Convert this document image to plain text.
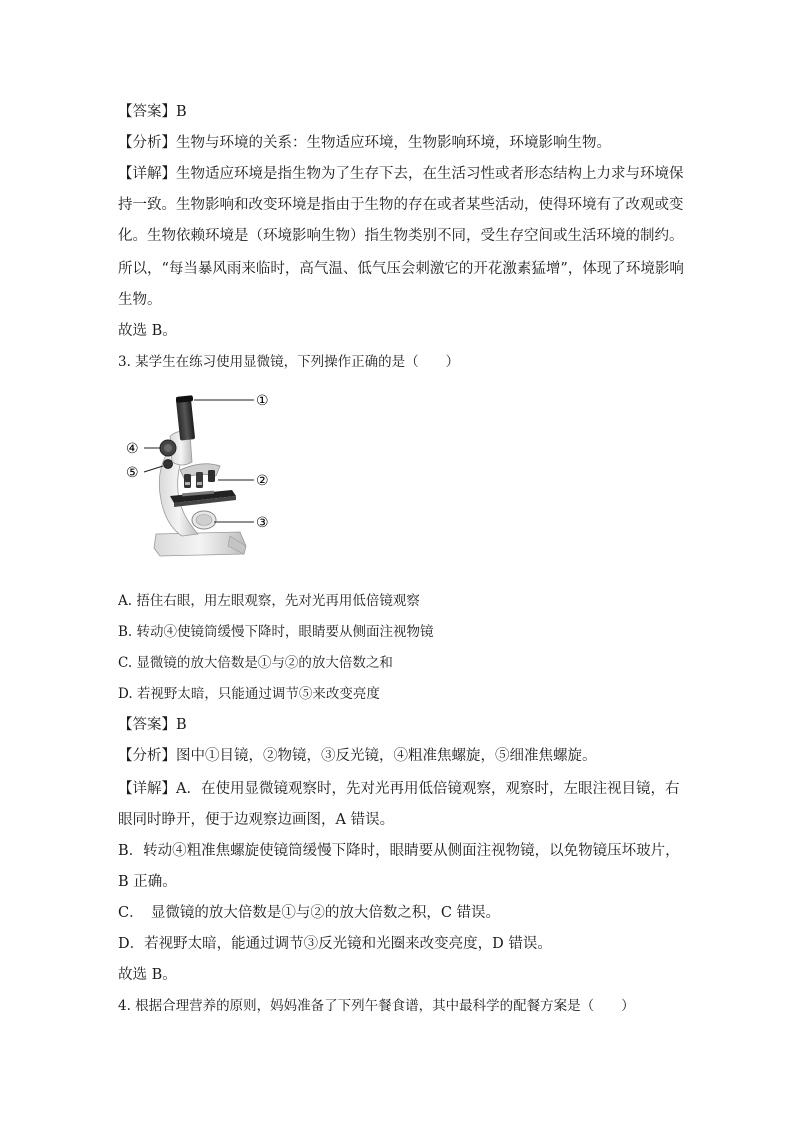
【答案】B

【分析】生物与环境的关系：生物适应环境，生物影响环境，环境影响生物。

【详解】生物适应环境是指生物为了生存下去，在生活习性或者形态结构上力求与环境保

持一致。生物影响和改变环境是指由于生物的存在或者某些活动，使得环境有了改观或变

化。生物依赖环境是（环境影响生物）指生物类别不同，受生存空间或生活环境的制约。

所以，“每当暴风雨来临时，高气温、低气压会刺激它的开花激素猛增”，体现了环境影响

生物。

故选 B。

3. 某学生在练习使用显微镜，下列操作正确的是（　　）

①
②
③
④
⑤

A. 捂住右眼，用左眼观察，先对光再用低倍镜观察

B. 转动④使镜筒缓慢下降时，眼睛要从侧面注视物镜

C. 显微镜的放大倍数是①与②的放大倍数之和

D. 若视野太暗，只能通过调节⑤来改变亮度

【答案】B

【分析】图中①目镜，②物镜，③反光镜，④粗准焦螺旋，⑤细准焦螺旋。

【详解】A．在使用显微镜观察时，先对光再用低倍镜观察，观察时，左眼注视目镜，右

眼同时睁开，便于边观察边画图，A 错误。

B．转动④粗准焦螺旋使镜筒缓慢下降时，眼睛要从侧面注视物镜，以免物镜压坏玻片，

B 正确。

C．　显微镜的放大倍数是①与②的放大倍数之积，C 错误。

D．若视野太暗，能通过调节③反光镜和光圈来改变亮度，D 错误。

故选 B。

4. 根据合理营养的原则，妈妈准备了下列午餐食谱，其中最科学的配餐方案是（　　）
